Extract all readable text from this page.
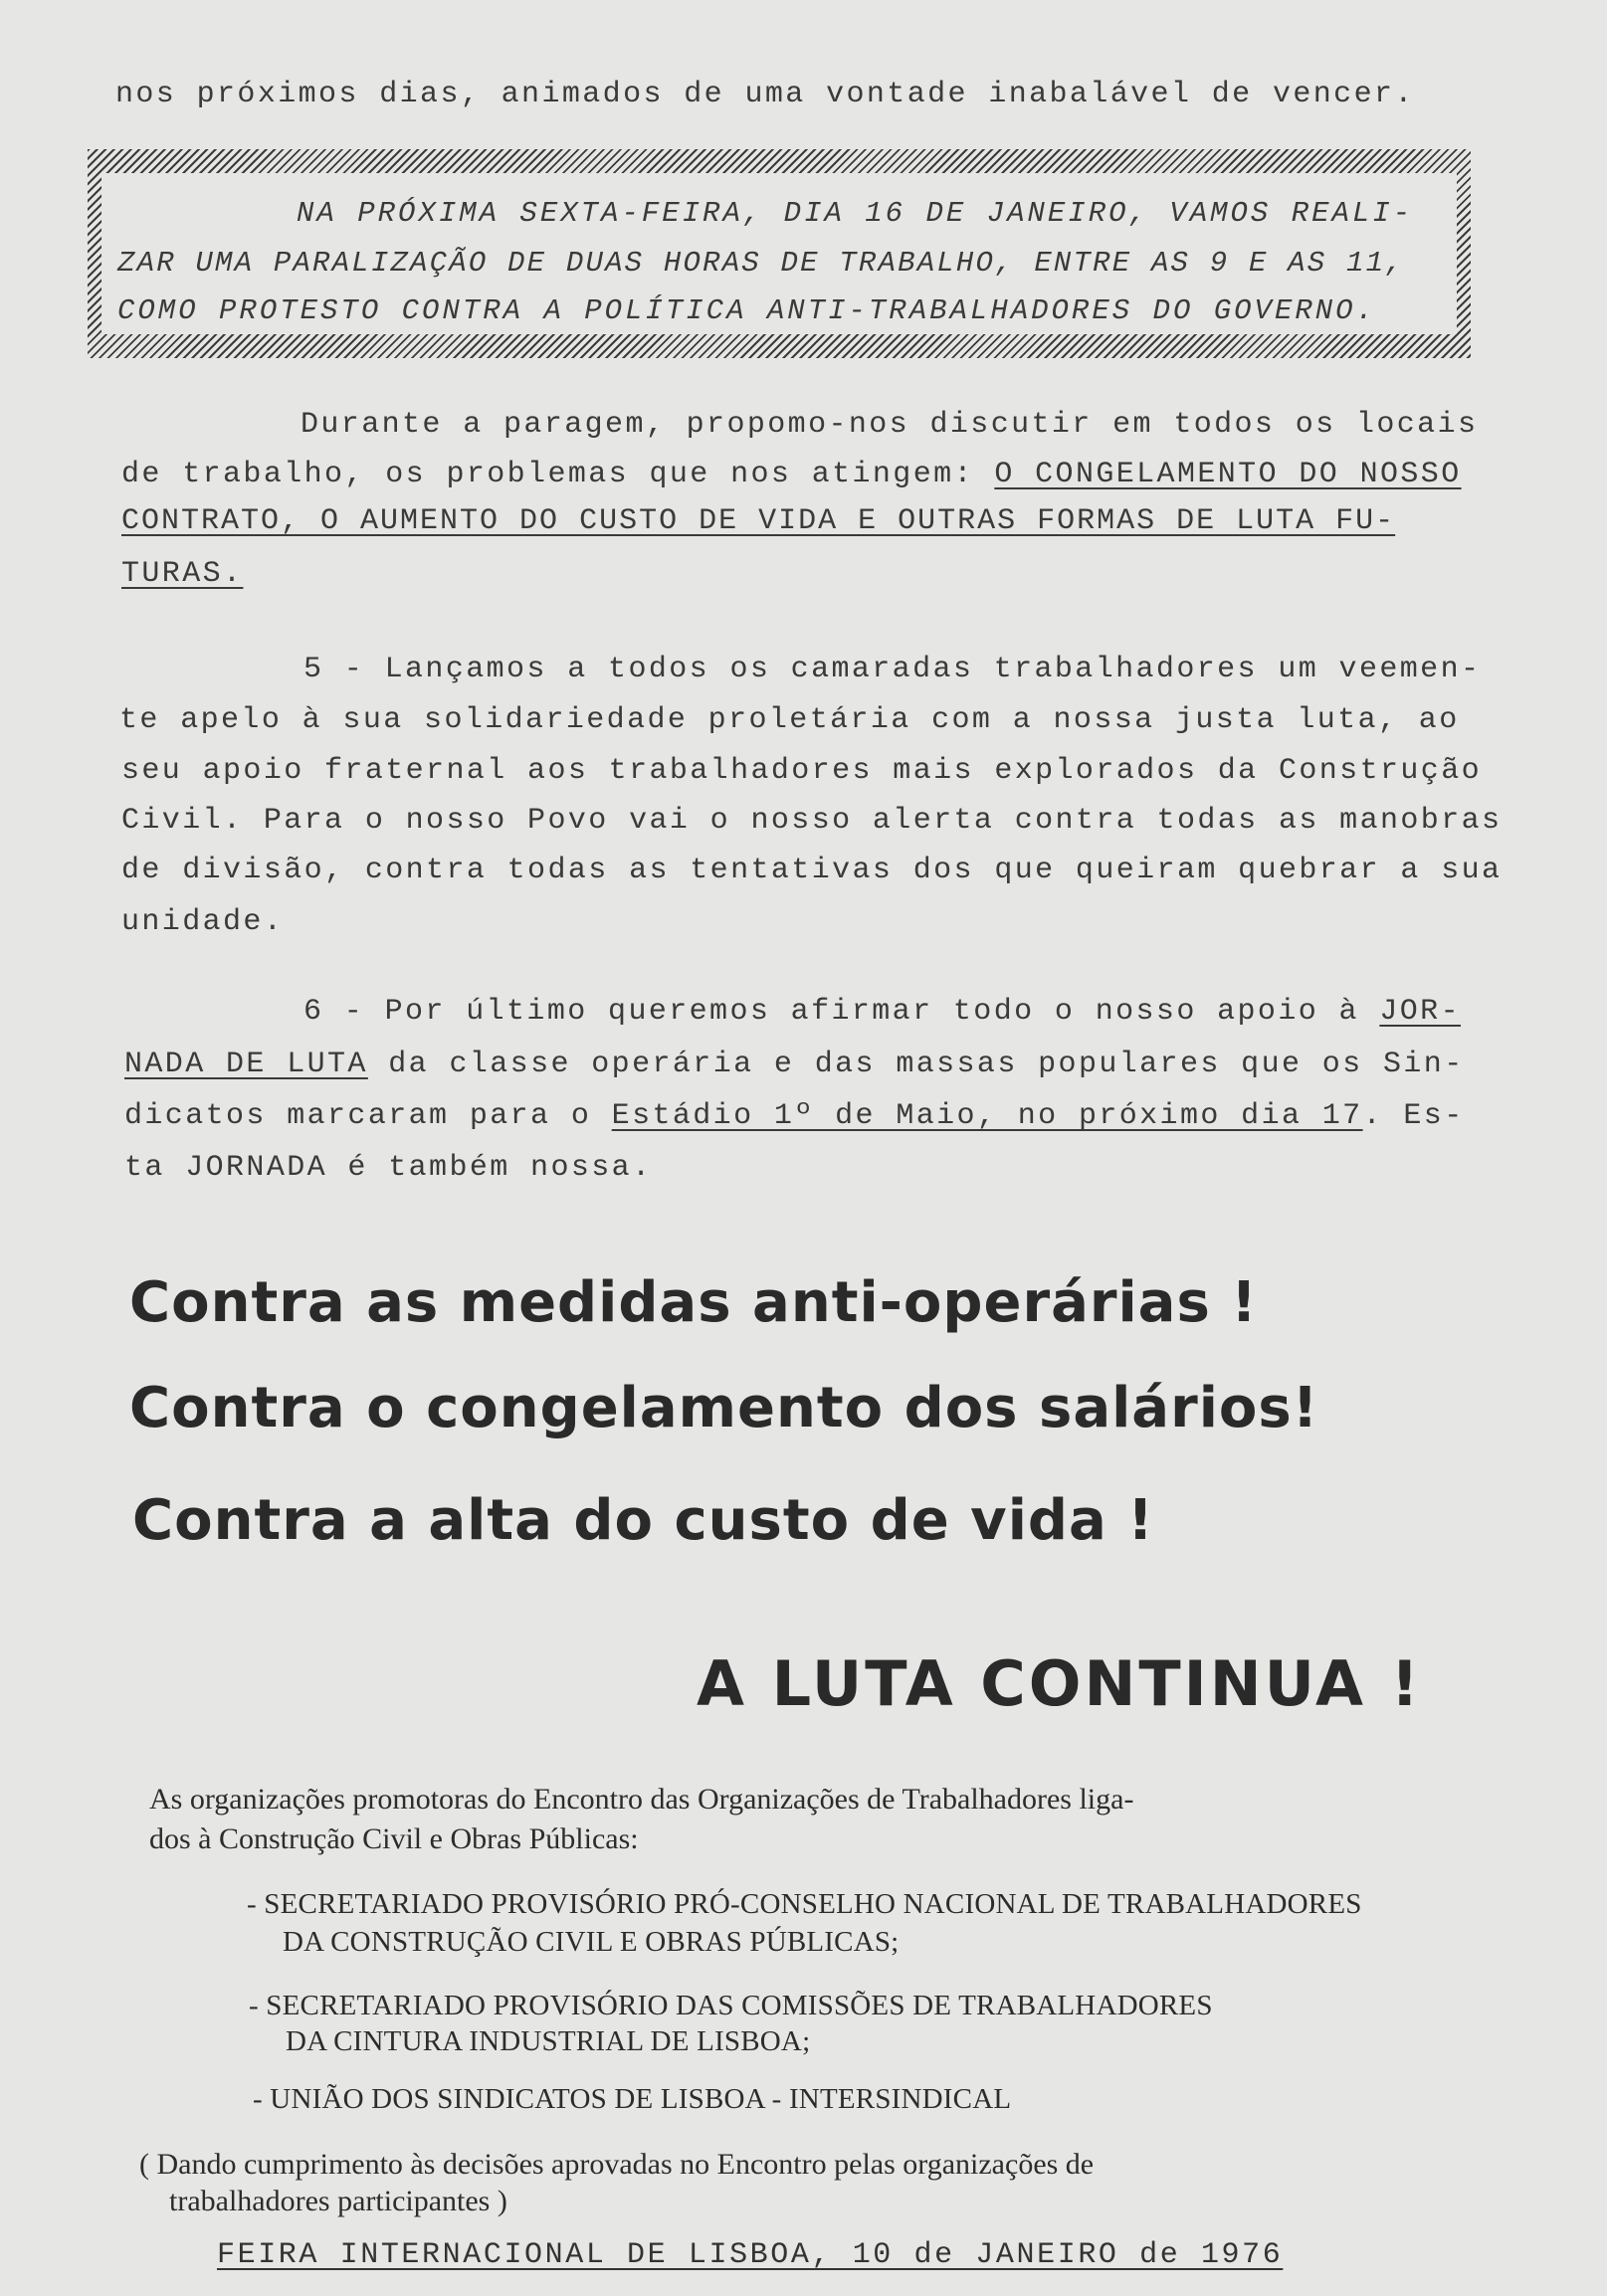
nos próximos dias, animados de uma vontade inabalável de vencer.
NA PRÓXIMA SEXTA-FEIRA, DIA 16 DE JANEIRO, VAMOS REALI-
ZAR UMA PARALIZAÇÃO DE DUAS HORAS DE TRABALHO, ENTRE AS 9 E AS 11,
COMO PROTESTO CONTRA A POLÍTICA ANTI-TRABALHADORES DO GOVERNO.
Durante a paragem, propomo-nos discutir em todos os locais
de trabalho, os problemas que nos atingem: O CONGELAMENTO DO NOSSO
CONTRATO, O AUMENTO DO CUSTO DE VIDA E OUTRAS FORMAS DE LUTA FU-
TURAS.
5 - Lançamos a todos os camaradas trabalhadores um veemen-
te apelo à sua solidariedade proletária com a nossa justa luta, ao
seu apoio fraternal aos trabalhadores mais explorados da Construção
Civil. Para o nosso Povo vai o nosso alerta contra todas as manobras
de divisão, contra todas as tentativas dos que queiram quebrar a sua
unidade.
6 - Por último queremos afirmar todo o nosso apoio à JOR-
NADA DE LUTA da classe operária e das massas populares que os Sin-
dicatos marcaram para o Estádio 1º de Maio, no próximo dia 17. Es-
ta JORNADA é também nossa.
Contra as medidas anti-operárias !
Contra o congelamento dos salários!
Contra a alta do custo de vida !
A LUTA CONTINUA !
As organizações promotoras do Encontro das Organizações de Trabalhadores liga-
dos à Construção Civil e Obras Públicas:
- SECRETARIADO PROVISÓRIO PRÓ-CONSELHO NACIONAL DE TRABALHADORES
DA CONSTRUÇÃO CIVIL E OBRAS PÚBLICAS;
- SECRETARIADO PROVISÓRIO DAS COMISSÕES DE TRABALHADORES
DA CINTURA INDUSTRIAL DE LISBOA;
- UNIÃO DOS SINDICATOS DE LISBOA - INTERSINDICAL
( Dando cumprimento às decisões aprovadas no Encontro pelas organizações de
trabalhadores participantes )
FEIRA INTERNACIONAL DE LISBOA, 10 de JANEIRO de 1976
